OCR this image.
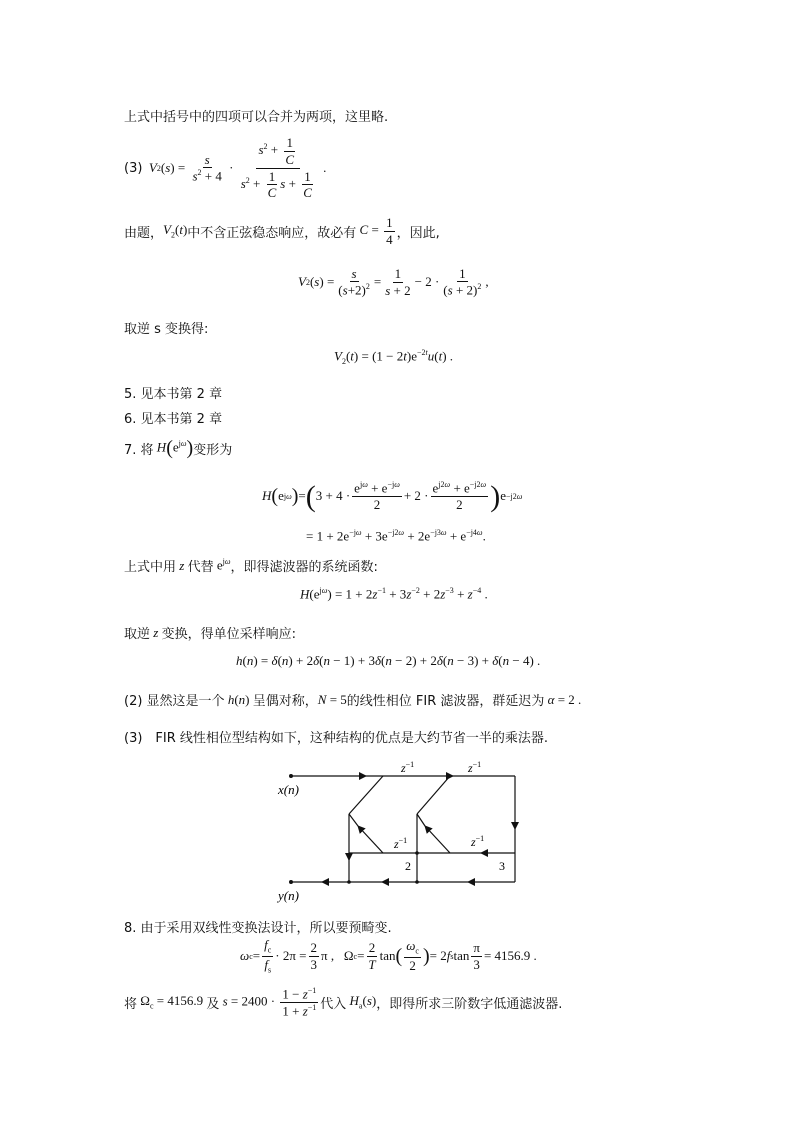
上式中括号中的四项可以合并为两项，这里略.
(3)
V 2 ( s ) = $\frac{s}{s^2 + 4} \cdot \frac{s^2 + \frac{1}{C}}{s^2 + \frac{1}{C} s + \frac{1}{C}}$ .
由题， $V_2(t)$ 中不含正弦稳态响应，故必有 $C = \frac{1}{4}$ ，因此,
V 2 ( s ) = $\frac{s}{(s+2)^2} = \frac{1}{s + 2} - 2 \cdot \frac{1}{(s + 2)^2}$ ,
取逆 s 变换得:
$V_2(t) = (1 - 2t)e^{-2t}u(t)$ .
5. 见本书第 2 章
6. 见本书第 2 章
7. 将 $H(e^{j\omega})$ 变形为
H ( e jω ) = ( $3 + 4 \cdot \frac{e^{j\omega} + e^{-j\omega}}{2} + 2 \cdot \frac{e^{j2\omega} + e^{-j2\omega}}{2}$ ) e −j2ω
= $1 + 2e^{-j\omega} + 3e^{-j2\omega} + 2e^{-j3\omega} + e^{-j4\omega}$.
上式中用 z 代替 $e^{j\omega}$ ，即得滤波器的系统函数:
$H(e^{j\omega}) = 1 + 2z^{-1} + 3z^{-2} + 2z^{-3} + z^{-4}$ .
取逆 z 变换，得单位采样响应:
h(n) = δ(n) + 2δ(n − 1) + 3δ(n − 2) + 2δ(n − 3) + δ(n − 4) .
(2) 显然这是一个 h(n) 呈偶对称， N = 5 的线性相位 FIR 滤波器，群延迟为 α = 2 .
(3)　FIR 线性相位型结构如下，这种结构的优点是大约节省一半的乘法器.
x(n)
y(n)
$z^{-1}$	$z^{-1}$
$z^{-1}$	$z^{-1}$
2	3
8. 由于采用双线性变换法设计，所以要预畸变.
ω $c = \frac{f_c}{f_s} \cdot 2\pi = \frac{2}{3}$ π ,   Ω $c = \frac{2}{T}$ tan ( $\frac{\omega_c}{2}$ ) = 2 f s $\tan \frac{\pi}{3} = 4156.9$ .
将 $\Omega_c = 4156.9$ 及 $s = 2400 \cdot \frac{1 - z^{-1}}{1 + z^{-1}}$ 代入 $H_a(s)$ ，即得所求三阶数字低通滤波器.
